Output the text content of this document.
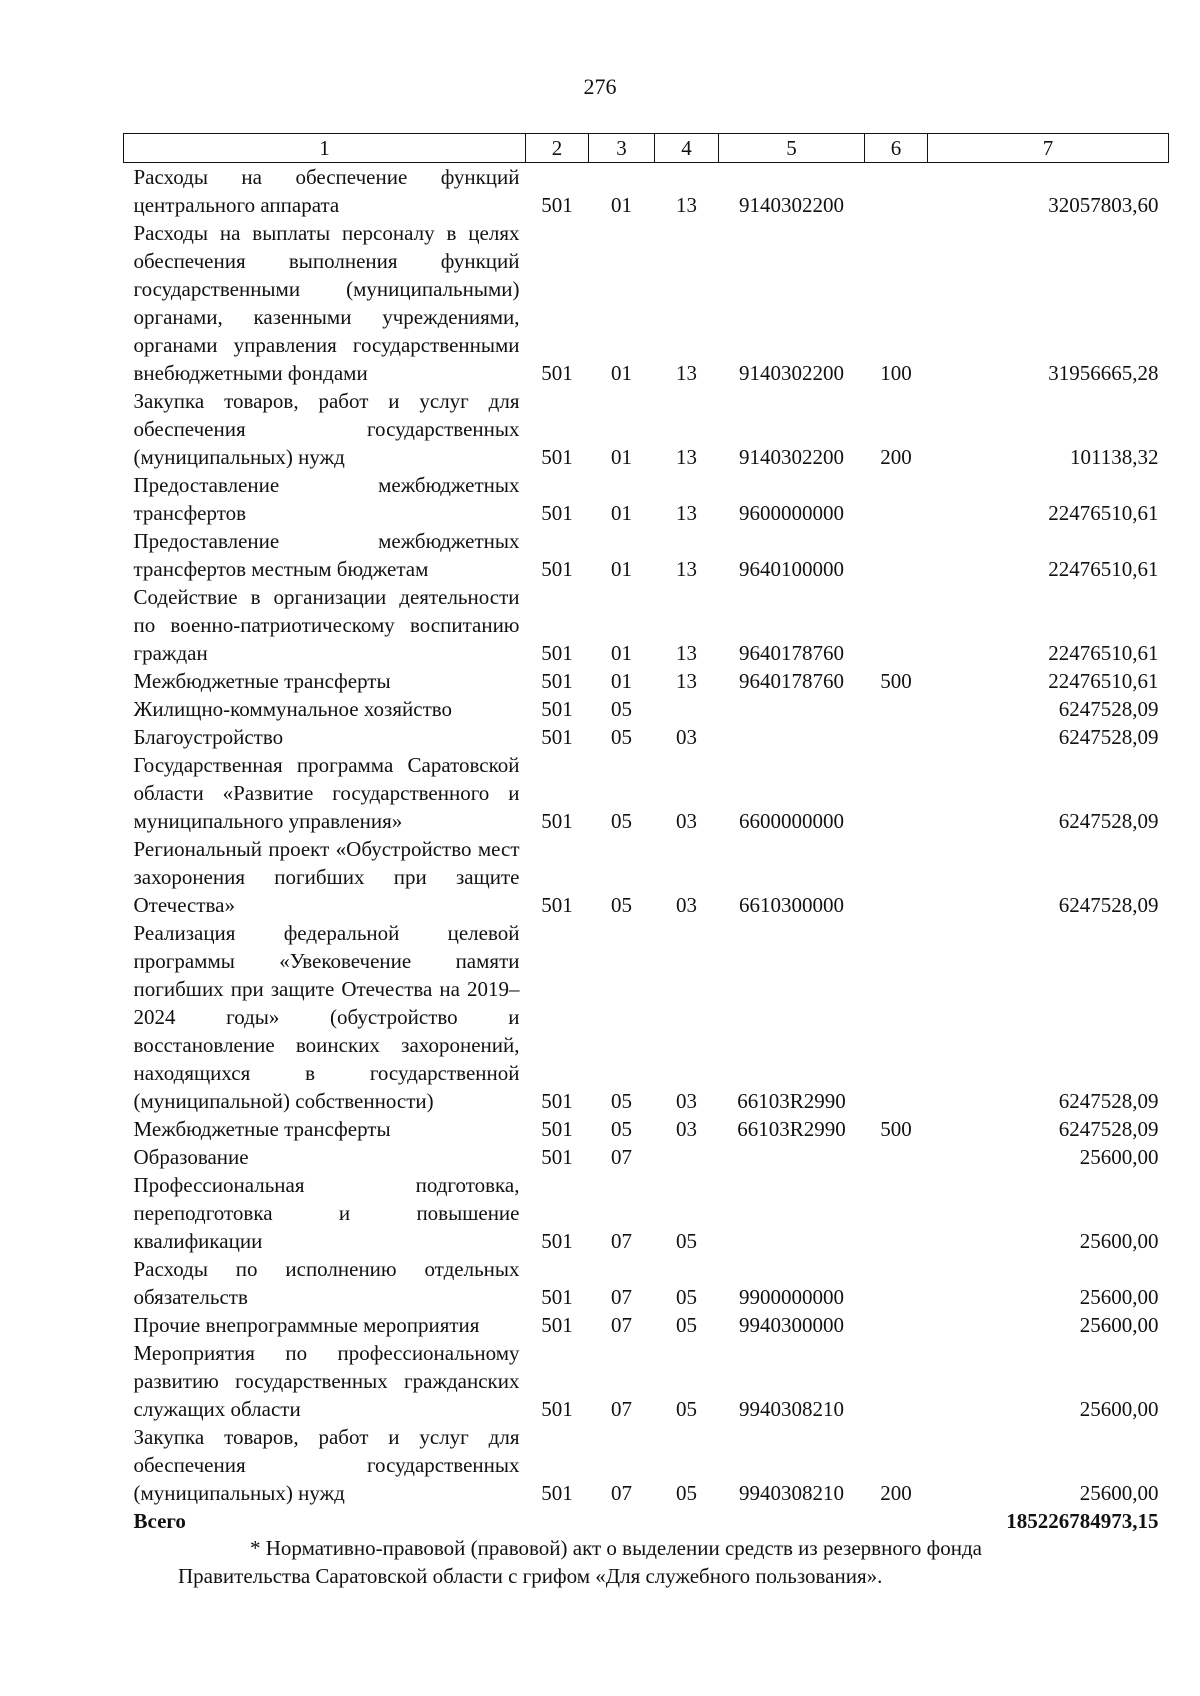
276
1	2	3	4	5	6	7
Расходы на обеспечение функций центрального аппарата	501	01	13	9140302200		32057803,60
Расходы на выплаты персоналу в целях обеспечения выполнения функций государственными (муниципальными) органами, казенными учреждениями, органами управления государственными внебюджетными фондами	501	01	13	9140302200	100	31956665,28
Закупка товаров, работ и услуг для обеспечения государственных (муниципальных) нужд	501	01	13	9140302200	200	101138,32
Предоставление межбюджетных трансфертов	501	01	13	9600000000		22476510,61
Предоставление межбюджетных трансфертов местным бюджетам	501	01	13	9640100000		22476510,61
Содействие в организации деятельности по военно-патриотическому воспитанию граждан	501	01	13	9640178760		22476510,61
Межбюджетные трансферты	501	01	13	9640178760	500	22476510,61
Жилищно-коммунальное хозяйство	501	05				6247528,09
Благоустройство	501	05	03			6247528,09
Государственная программа Саратовской области «Развитие государственного и муниципального управления»	501	05	03	6600000000		6247528,09
Региональный проект «Обустройство мест захоронения погибших при защите Отечества»	501	05	03	6610300000		6247528,09
Реализация федеральной целевой программы «Увековечение памяти погибших при защите Отечества на 2019–2024 годы» (обустройство и восстановление воинских захоронений, находящихся в государственной (муниципальной) собственности)	501	05	03	66103R2990		6247528,09
Межбюджетные трансферты	501	05	03	66103R2990	500	6247528,09
Образование	501	07				25600,00
Профессиональная подготовка, переподготовка и повышение квалификации	501	07	05			25600,00
Расходы по исполнению отдельных обязательств	501	07	05	9900000000		25600,00
Прочие внепрограммные мероприятия	501	07	05	9940300000		25600,00
Мероприятия по профессиональному развитию государственных гражданских служащих области	501	07	05	9940308210		25600,00
Закупка товаров, работ и услуг для обеспечения государственных (муниципальных) нужд	501	07	05	9940308210	200	25600,00
Всего						185226784973,15

* Нормативно-правовой (правовой) акт о выделении средств из резервного фонда

Правительства Саратовской области с грифом «Для служебного пользования».
